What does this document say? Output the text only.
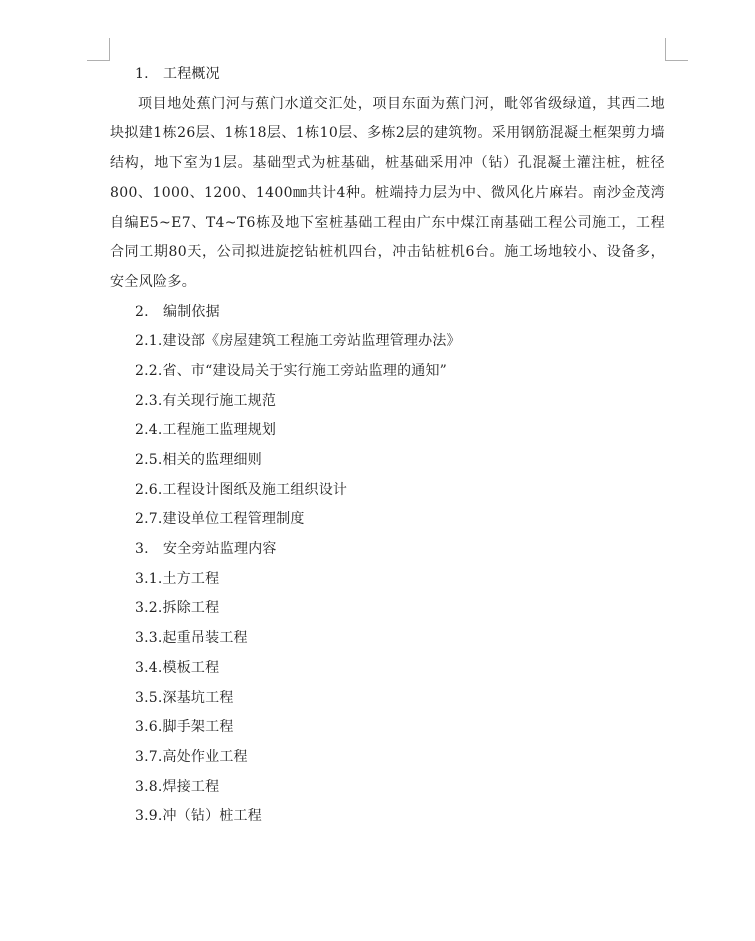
1. 工程概况

项目地处蕉门河与蕉门水道交汇处，项目东面为蕉门河，毗邻省级绿道，其西二地块拟建1栋26层、1栋18层、1栋10层、多栋2层的建筑物。采用钢筋混凝土框架剪力墙结构，地下室为1层。基础型式为桩基础，桩基础采用冲（钻）孔混凝土灌注桩，桩径800、1000、1200、1400㎜共计4种。桩端持力层为中、微风化片麻岩。南沙金茂湾自编E5~E7、T4~T6栋及地下室桩基础工程由广东中煤江南基础工程公司施工，工程合同工期80天，公司拟进旋挖钻桩机四台，冲击钻桩机6台。施工场地较小、设备多，安全风险多。

2. 编制依据
2.1.建设部《房屋建筑工程施工旁站监理管理办法》
2.2.省、市“建设局关于实行施工旁站监理的通知”
2.3.有关现行施工规范
2.4.工程施工监理规划
2.5.相关的监理细则
2.6.工程设计图纸及施工组织设计
2.7.建设单位工程管理制度
3. 安全旁站监理内容
3.1.土方工程
3.2.拆除工程
3.3.起重吊装工程
3.4.模板工程
3.5.深基坑工程
3.6.脚手架工程
3.7.高处作业工程
3.8.焊接工程
3.9.冲（钻）桩工程
